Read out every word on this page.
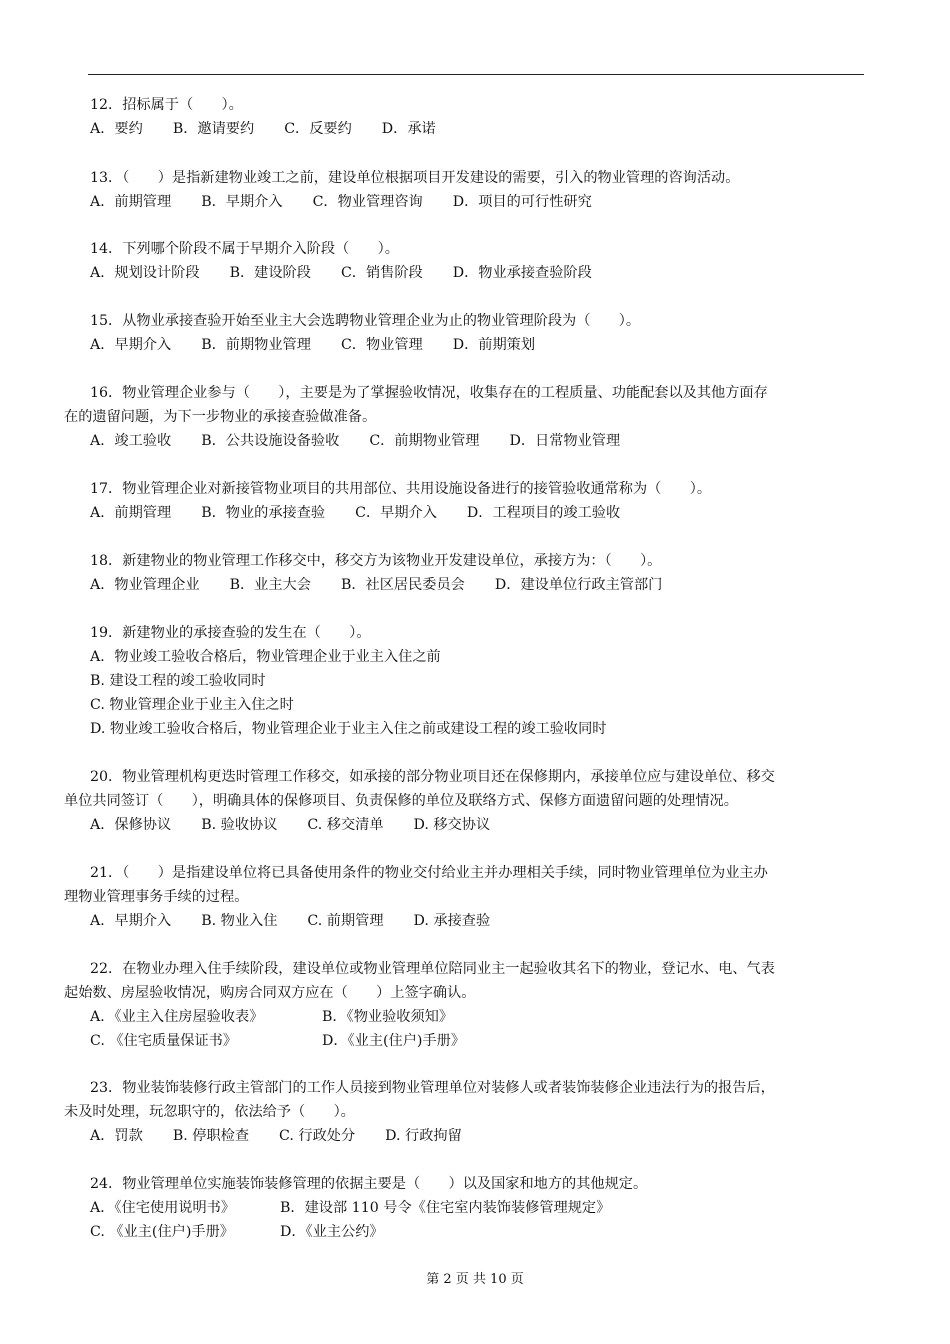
12．招标属于（　　）。
A．要约 B．邀请要约 C．反要约 D．承诺
13．（　　）是指新建物业竣工之前，建设单位根据项目开发建设的需要，引入的物业管理的咨询活动。
A．前期管理 B．早期介入 C．物业管理咨询 D．项目的可行性研究
14．下列哪个阶段不属于早期介入阶段（　　）。
A．规划设计阶段 B．建设阶段 C．销售阶段 D．物业承接查验阶段
15．从物业承接查验开始至业主大会选聘物业管理企业为止的物业管理阶段为（　　）。
A．早期介入 B．前期物业管理 C．物业管理 D．前期策划
16．物业管理企业参与（　　），主要是为了掌握验收情况，收集存在的工程质量、功能配套以及其他方面存
在的遗留问题，为下一步物业的承接查验做准备。
A．竣工验收 B．公共设施设备验收 C．前期物业管理 D．日常物业管理
17．物业管理企业对新接管物业项目的共用部位、共用设施设备进行的接管验收通常称为（　　）。
A．前期管理 B．物业的承接查验 C．早期介入 D．工程项目的竣工验收
18．新建物业的物业管理工作移交中，移交方为该物业开发建设单位，承接方为：（　　）。
A．物业管理企业 B．业主大会 B．社区居民委员会 D．建设单位行政主管部门
19．新建物业的承接查验的发生在（　　）。
A．物业竣工验收合格后，物业管理企业于业主入住之前
B. 建设工程的竣工验收同时
C. 物业管理企业于业主入住之时
D. 物业竣工验收合格后，物业管理企业于业主入住之前或建设工程的竣工验收同时
20．物业管理机构更迭时管理工作移交，如承接的部分物业项目还在保修期内，承接单位应与建设单位、移交
单位共同签订（　　），明确具体的保修项目、负责保修的单位及联络方式、保修方面遗留问题的处理情况。
A．保修协议 B. 验收协议 C. 移交清单 D. 移交协议
21．（　　）是指建设单位将已具备使用条件的物业交付给业主并办理相关手续，同时物业管理单位为业主办
理物业管理事务手续的过程。
A．早期介入 B. 物业入住 C. 前期管理 D. 承接查验
22．在物业办理入住手续阶段，建设单位或物业管理单位陪同业主一起验收其名下的物业，登记水、电、气表
起始数、房屋验收情况，购房合同双方应在（　　）上签字确认。
A．《业主入住房屋验收表》	B．《物业验收须知》
C. 《住宅质量保证书》	D．《业主(住户)手册》
23．物业装饰装修行政主管部门的工作人员接到物业管理单位对装修人或者装饰装修企业违法行为的报告后，
未及时处理，玩忽职守的，依法给予（　　）。
A．罚款 B. 停职检查 C. 行政处分 D. 行政拘留
24．物业管理单位实施装饰装修管理的依据主要是（　　）以及国家和地方的其他规定。
A．《住宅使用说明书》	B．建设部 110 号令《住宅室内装饰装修管理规定》
C. 《业主(住户)手册》	D．《业主公约》
第 2 页 共 10 页
